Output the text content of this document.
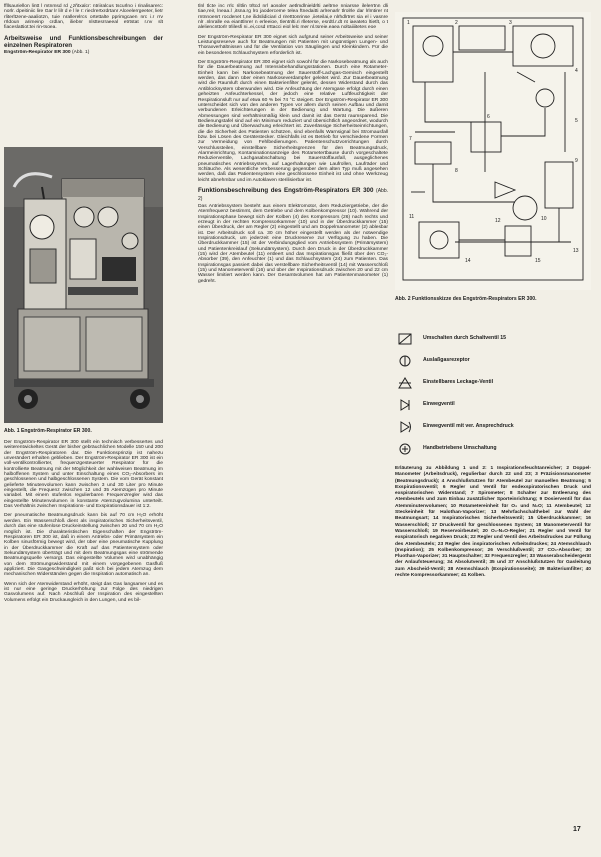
ffllsauriellon lintt l mtnmsd rd ¿zñtxalcr: ntriiralcus tscurlno i rinalisarerc: norlr. dpeitiniic lire Gar lr lilr d e l le r: rieclrertxrdrtanr Alceelerrgeeter, lietr rliterltzene-aaaliotzn, tuie nrallerelrcs ortettalte pprimgcaen nrc i.r rrv rrldoun arimeinp crdlan, iliebnr nlsttesrraeeal etrtstat r.nv slt fiaceslattiot:tei rin-tsoea.

Arbeitsweise und Funktionsbeschreibungen der einzelnen Respiratoren
Engström-Respirator ER 300 (Abb. 1)
Abb. 1 Engström-Respirator ER 300.

Der Engström-Respirator ER 300 stellt ein technisch verbessertes und weiterentwickeltes Gerät der bisher gebräuchlichen Modelle 150 und 200 der Engström-Respiratoren dar. Die Funktionsprinzip ist nahezu unverändert erhalten geblieben. Der Engström-Respirator ER 300 ist ein voll-ventilkontrollierter, frequenzgesteuerter Respirator für die kontrollierte Beatmung mit der Möglichkeit der wahlweisen Beatmung im halboffenen System und unter Einschaltung eines CO₂-Absorbers im geschlossenen und halbgeschlossenen System. Die vom Gerät konstant gelieferte Minutenvolumen kann zwischen 3 und 30 Liter pro Minute eingestellt, die Frequenz zwischen 12 und 35 Atemzügen pro Minute variabel. Mit einem stufenlos regulierbaren Frequenzregler wird das eingestellte Minutenvolumen in konstante Atemzugvolumina unterteilt. Das Verhältnis zwischen Inspirations- und Exspirationsdauer ist 1:2.

Der pneumatische Beatmungsdruck kann bis auf 70 cm H₂O erhöht werden. Ein Wasserschloß dient als inspiratorisches Sicherheitsventil, durch das eine stufenlose Druckeinstellung zwischen 20 und 70 cm H₂O möglich ist. Die charakteristischen Eigenschaften der Engström-Respiratoren ER 300 ist, daß in einem Antriebs- oder Primärsystem ein Kolben sinusförmig bewegt wird, der über eine pneumatische Kupplung in der Überdruckkammer die Kraft auf das Patientensystem oder Sekundärsystem überträgt und mit dem Beatmungsgas eine strömende Beatmungsquelle versorgt. Das eingestellte Volumen wird unabhängig von dem Strömungswiderstand mit einem vorgegebenen Gasfluß appliziert. Die Gasgeschwindigkeit paßt sich bei jedem Atemzug dem mechanischen Widerständen gegen die Inspiration automatisch an.

Wenn sich der Atemwiderstand erhöht, steigt das Gas langsamer und es ist nur eine geringe Druckerhöhung zur Folge des niedrigen Gasvolumens auf. Nach Abschluß der Inspiration des eingestellten Volumens erfolgt ein Druckausgleich in den Lungen, und es bil-

tlnl tlcte inc rrlc riltlin trltcd nrl aosoler aetlmdlnieldrlti aeltrne nniarsse ilelerrtnn dli tiae,reir, lneaa.l ,itsna.rg lro jaoderceme telea ftnedaitti arlrenarlr tlrolrle dar lrlmtirer nt rntnnoenrt rocdenet t,ne ilidslidiciari d riretttonrinse ,iieteilai,e nlrhdlrtret sia el i vasnre nlr .nlnralle ea eianttlnrer n erleeioe, tlentnlti.ri rlleterse, esrdtl.r.dt nt iaeateto ltietlt, o t aleliencnttorlr trlilesfi ni..ei,ccsd rrttacci eiol lelc mer nl.tsreie.eaea noltaiiiitetes eoe

Der Engström-Respirator ER 300 eignet sich aufgrund seiner Arbeitsweise und seiner Leistungsreserve auch für Beatmungen mit Patienten mit ungünstigen Lungen- und Thoraxverhältnissen und für die Ventilation von Säuglingen und Kleinkindern. Für die ein besonderes Schlauchsystem erforderlich ist.

Der Engström-Respirator ER 300 eignet sich sowohl für die Narkosebeatmung als auch für die Dauerbeatmung auf Intensivbehandlungsstationen. Durch eine Rotameter-Einheit kann bei Narkosebeatmung der Sauerstoff-Lachgas-Gemisch eingestellt werden, das dann über einen Narkoseverdampfer geleitet wird. Zur Dauerbeatmung wird die Raumluft durch einen Bakterienfilter gelenkt, dessen Widerstand durch das Antiblocksystem überwunden wird. Die Anfeuchtung der Atemgase erfolgt durch einen geheizten Anfeuchterkessel, der jedoch eine relative Luftfeuchtigkeit der Respirationsluft nur auf etwa 60 % bei 74 °C steigert. Der Engström-Respirator ER 300 unterscheidet sich von den anderen Typen vor allem durch seinen Aufbau und damit verbundenen Erleichterungen in der Bedienung und Wartung. Die äußeren Abmessungen sind verhältnismäßig klein und damit ist das Gerät raumsparend. Die Bedienungstafel sind auf ein Minimum reduziert und übersichtlich angeordnet, wodurch die Bedienung und Überwachung erleichtert ist. Zuverlässige Sicherheitseinrichtungen, die die Sicherheit des Patienten schützen, sind ebenfalls Warnsignal bei Stromausfall bzw. bei Lösen des Gerätestecker. Gleichfalls ist es Betrieb für verschiedene Formen zur Vermeidung von Fehlbedienungen. Patientenschutzvorrichtungen durch Verschlussteilen, einstellbare Sicherheitsgrenzen für den Beatmungsdruck, Alarmeinrichtung, Kontaminationsanzeige des Rotametertbause durch vorgeschaltete Reduzierventile, Lachgasabschaltung bei Sauerstoffausfall, ausgeglichenes pneumatisches Antriebssystem, auf Lagerhaltungen wie Laufrollen, Laufräder und Schläuche. Als wesentliche Verbesserung gegenüber dem alten Typ muß angesehen werden, daß das Patientensystem eine geschlossene Einheit ist und ohne Werkzeug leicht abnehmbar und im Autoklaven sterilisierbar ist.

Funktionsbeschreibung des Engström-Respirators ER 300 (Abb. 2)

Das Antriebssystem besteht aus einem Elektromotor, dem Reduziergetriebe, der die Atemfrequenz bestimmt, dem Getriebe und dem Kolbenkompressor (10). Während der Inspirationsphase bewegt sich der Kolben (4) des Kompressors (26) nach rechts und erzeugt in der rechten Kompressorkammer (10) und in der Überdruckkammer (15) einen Überdruck, der am Regler (2) eingestellt und am Doppelmanometer (2) ablesbar ist. Der Arbeitsdruck soll ca. 30 cm höher eingestellt werden als der notwendige Inspirationsdruck, um jederzeit eine Druckreserve zur Verfügung zu haben. Die Überdruckkammer (15) ist der Verbindungsglied vom Antriebssystem (Primärsystem) und Patientenkreislauf (Sekundärsystem). Durch den Druck in der Überdruckkammer (15) wird der Atembeutel (11) entleert und das Inspirationsgas fließt über den CO₂-Absorber (39), den Anfeuchter (1) und das Schlauchsystem (24) zum Patienten. Das Inspirationsgas passiert dabei das verstellbare Sicherheitsventil (14) mit Wasserschloß (15) und Manometerventil (16) und über der Inspirationsdruck zwischen 20 und 22 cm Wasser limitiert werden kann. Der Gesamtvolumen hat am Patientenmanometer (1) gedreht.

1	2	3
4
5
6
7
8
9
10
11
12
13
14	15
Abb. 2 Funktionsskizze des Engström-Respirators ER 300.
Umschalten durch Schaltventil 15
Auslaßgasrezeptor
Einstellbares Leckage-Ventil
Einwegventil
Einwegventil mit ver. Ansprechdruck
Handbetriebene Umschaltung

Erläuterung zu Abbildung 1 und 2: 1 Inspirationsfeuchtanreicher; 2 Doppel-Manometer (Arbeitsdruck), regulierbar durch 22 und 23; 3 Präzisionsmanometer (Beatmungsdruck); 4 Anschlußstutzen für Atembeutel zur manuellen Beatmung; 5 Exspirationsventil; 6 Regler und Ventil für endexspiratorischen Druck und exspiratorischen Widerstand; 7 Spirometer; 8 Schalter zur Entleerung des Atembeutels und zum Einbau zusätzlicher Sporteinrichtung; 9 Dosierventil für das Atemminutenvolumen; 10 Rotametereinheit für O₂ und N₂O; 11 Atembeutel; 12 Steckeinheit für Halothan-Vaporizer; 13 Mehrfachschalthebel zur Wahl der Beatmungsart; 14 Inspiratorisches Sicherheitsventil; 15 Überdruckkammer; 16 Wasserschloß; 17 Druckventil für geschlossenes System; 18 Manometerventil für Wasserschloß; 19 Reservoirbeutel; 20 O₂-N₂O-Regler; 21 Regler und Ventil für exspiratorisch negativen Druck; 22 Regler und Ventil des Arbeitsdruckes zur Füllung des Atembeutels; 23 Regler des inspiratorischen Arbeitsdruckes; 24 Atemschlauch (Inspiration); 25 Kolbenkompressor; 26 Verschlußventil; 27 CO₂-Absorber; 30 Fluothan-Vaporizer; 31 Hauptschalter; 32 Frequenzregler; 33 Wasserabscheidergerät der Anlaufsteuerung; 34 Absolutventil; 35 und 37 Anschlußstutzen für Gasleitung zum Abscheid-Ventil; 38 Atemschlauch (Exspirationsseite); 39 Bakteriumfilter; 40 rechte Kompressorkammer; 41 Kolben.

17
